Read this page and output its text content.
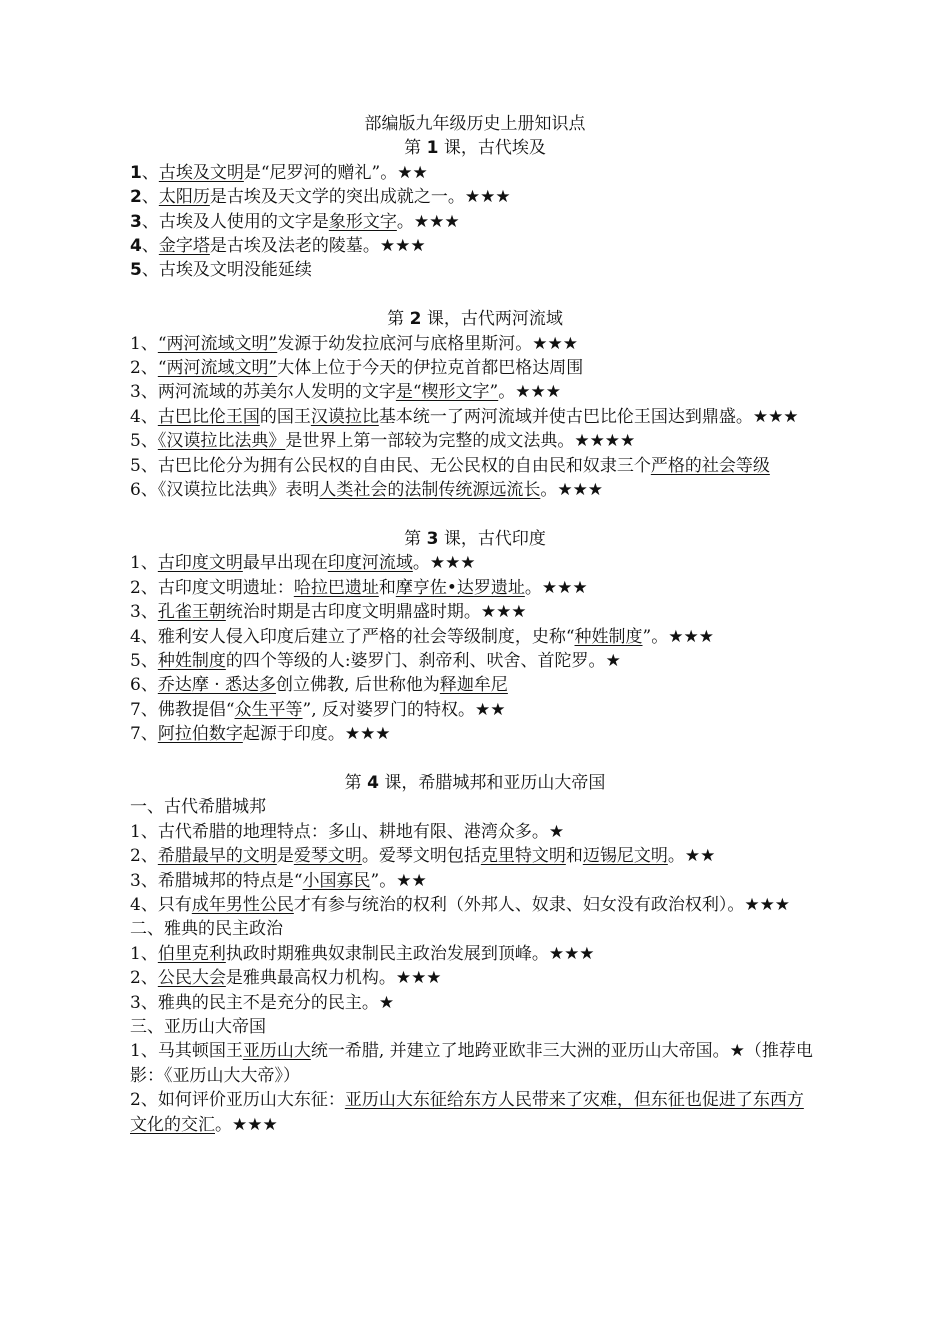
部编版九年级历史上册知识点
第 1 课，古代埃及
1、古埃及文明是“尼罗河的赠礼”。★★
2、太阳历是古埃及天文学的突出成就之一。★★★
3、古埃及人使用的文字是象形文字。★★★
4、金字塔是古埃及法老的陵墓。★★★
5、古埃及文明没能延续
第 2 课，古代两河流域
1、“两河流域文明”发源于幼发拉底河与底格里斯河。★★★
2、“两河流域文明”大体上位于今天的伊拉克首都巴格达周围
3、两河流域的苏美尔人发明的文字是“楔形文字”。★★★
4、古巴比伦王国的国王汉谟拉比基本统一了两河流域并使古巴比伦王国达到鼎盛。★★★
5、《汉谟拉比法典》是世界上第一部较为完整的成文法典。★★★★
5、古巴比伦分为拥有公民权的自由民、无公民权的自由民和奴隶三个严格的社会等级
6、《汉谟拉比法典》表明人类社会的法制传统源远流长。★★★
第 3 课，古代印度
1、古印度文明最早出现在印度河流域。★★★
2、古印度文明遗址：哈拉巴遗址和摩亨佐•达罗遗址。★★★
3、孔雀王朝统治时期是古印度文明鼎盛时期。★★★
4、雅利安人侵入印度后建立了严格的社会等级制度，史称“种姓制度”。★★★
5、种姓制度的四个等级的人:婆罗门、刹帝利、吠舍、首陀罗。★
6、乔达摩 · 悉达多创立佛教, 后世称他为释迦牟尼
7、佛教提倡“众生平等”, 反对婆罗门的特权。★★
7、阿拉伯数字起源于印度。★★★
第 4 课，希腊城邦和亚历山大帝国
一、古代希腊城邦
1、古代希腊的地理特点：多山、耕地有限、港湾众多。★
2、希腊最早的文明是爱琴文明。爱琴文明包括克里特文明和迈锡尼文明。★★
3、希腊城邦的特点是“小国寡民”。★★
4、只有成年男性公民才有参与统治的权利（外邦人、奴隶、妇女没有政治权利）。★★★
二、雅典的民主政治
1、伯里克利执政时期雅典奴隶制民主政治发展到顶峰。★★★
2、公民大会是雅典最高权力机构。★★★
3、雅典的民主不是充分的民主。★
三、亚历山大帝国
1、马其顿国王亚历山大统一希腊, 并建立了地跨亚欧非三大洲的亚历山大帝国。★（推荐电影：《亚历山大大帝》）
2、如何评价亚历山大东征：亚历山大东征给东方人民带来了灾难，但东征也促进了东西方文化的交汇。★★★
